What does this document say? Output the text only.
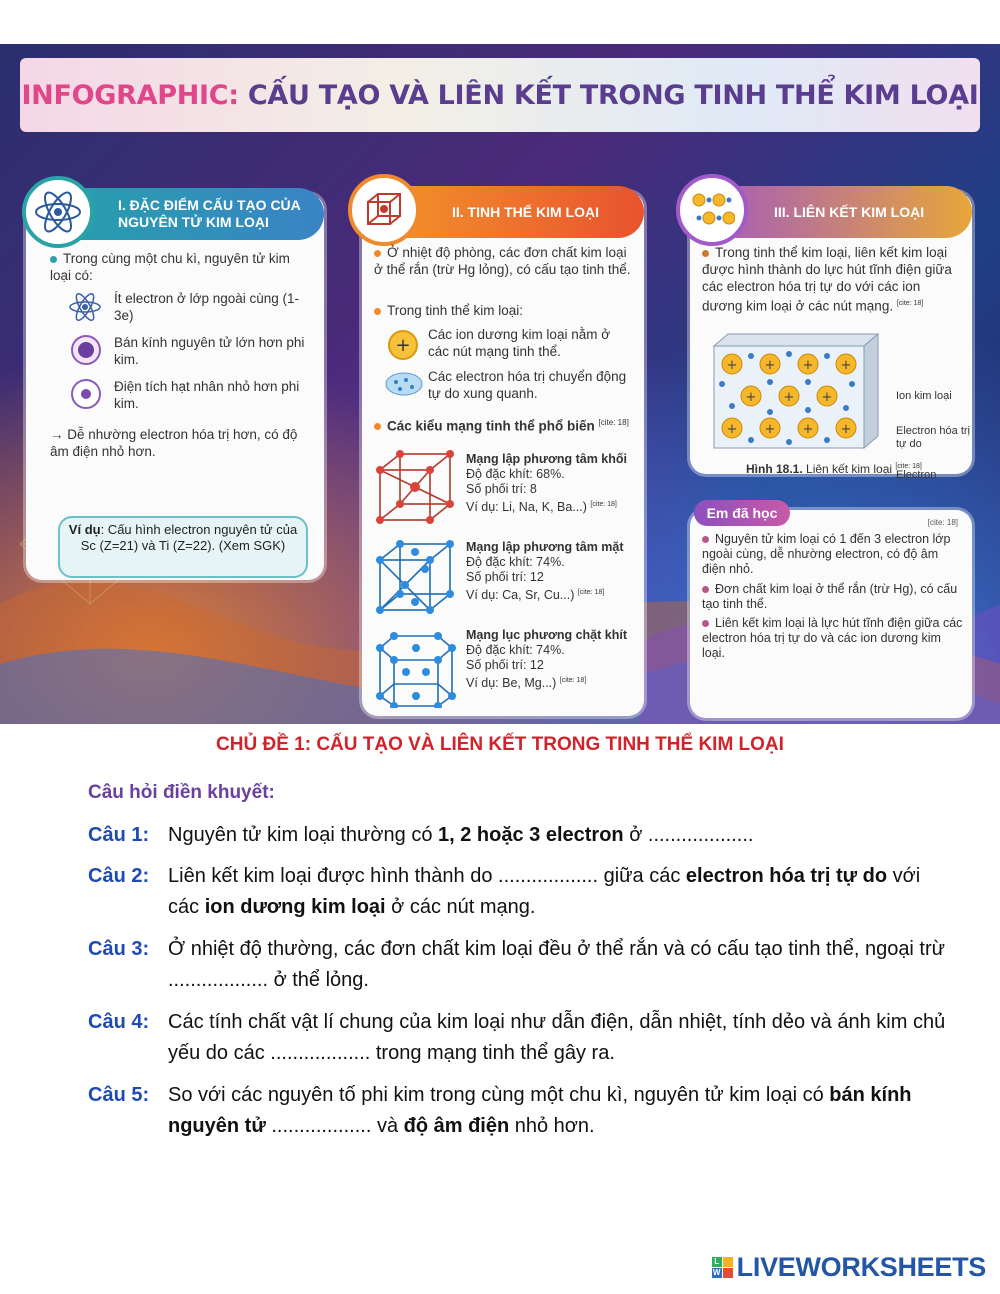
INFOGRAPHIC:
CẤU TẠO VÀ LIÊN KẾT TRONG TINH THỂ KIM LOẠI
I. ĐẶC ĐIỂM CẤU TẠO CỦA NGUYÊN TỬ KIM LOẠI
Trong cùng một chu kì, nguyên tử kim loại có:
Ít electron ở lớp ngoài cùng (1-3e)
Bán kính nguyên tử lớn hơn phi kim.
Điện tích hạt nhân nhỏ hơn phi kim.
→ Dễ nhường electron hóa trị hơn, có độ âm điện nhỏ hơn.
Ví dụ: Cấu hình electron nguyên tử của Sc (Z=21) và Ti (Z=22). (Xem SGK)
II. TINH THỂ KIM LOẠI
Ở nhiệt độ phòng, các đơn chất kim loại ở thể rắn (trừ Hg lỏng), có cấu tạo tinh thể.
Trong tinh thể kim loại:
+
Các ion dương kim loại nằm ở các nút mạng tinh thể.
Các electron hóa trị chuyển động tự do xung quanh.
Các kiểu mạng tinh thể phổ biến [cite: 18]
Mạng lập phương tâm khối
Độ đặc khít: 68%.
Số phối trí: 8
Ví dụ: Li, Na, K, Ba...) [cite: 18]
Mạng lập phương tâm mặt
Độ đặc khít: 74%.
Số phối trí: 12
Ví dụ: Ca, Sr, Cu...) [cite: 18]
Mạng lục phương chặt khít
Độ đặc khít: 74%.
Số phối trí: 12
Ví dụ: Be, Mg...) [cite: 18]
III. LIÊN KẾT KIM LOẠI
Trong tinh thể kim loại, liên kết kim loại được hình thành do lực hút tĩnh điện giữa các electron hóa trị tự do với các ion dương kim loại ở các nút mạng. [cite: 18]
+ + + +
+ + +
+ + + +
Ion kim loại
Electron hóa trị tự do
Electron
Hình 18.1. Liên kết kim loại [cite: 18]
Em đã học
[cite: 18]
Nguyên tử kim loại có 1 đến 3 electron lớp ngoài cùng, dễ nhường electron, có độ âm điện nhỏ.
Đơn chất kim loại ở thể rắn (trừ Hg), có cấu tạo tinh thể.
Liên kết kim loại là lực hút tĩnh điện giữa các electron hóa trị tự do và các ion dương kim loại.
CHỦ ĐỀ 1: CẤU TẠO VÀ LIÊN KẾT TRONG TINH THỂ KIM LOẠI
Câu hỏi điền khuyết:
Câu 1: Nguyên tử kim loại thường có 1, 2 hoặc 3 electron ở ...................
Câu 2: Liên kết kim loại được hình thành do .................. giữa các electron hóa trị tự do với các ion dương kim loại ở các nút mạng.
Câu 3: Ở nhiệt độ thường, các đơn chất kim loại đều ở thể rắn và có cấu tạo tinh thể, ngoại trừ .................. ở thể lỏng.
Câu 4: Các tính chất vật lí chung của kim loại như dẫn điện, dẫn nhiệt, tính dẻo và ánh kim chủ yếu do các .................. trong mạng tinh thể gây ra.
Câu 5: So với các nguyên tố phi kim trong cùng một chu kì, nguyên tử kim loại có bán kính nguyên tử .................. và độ âm điện nhỏ hơn.
L
W LIVEWORKSHEETS
